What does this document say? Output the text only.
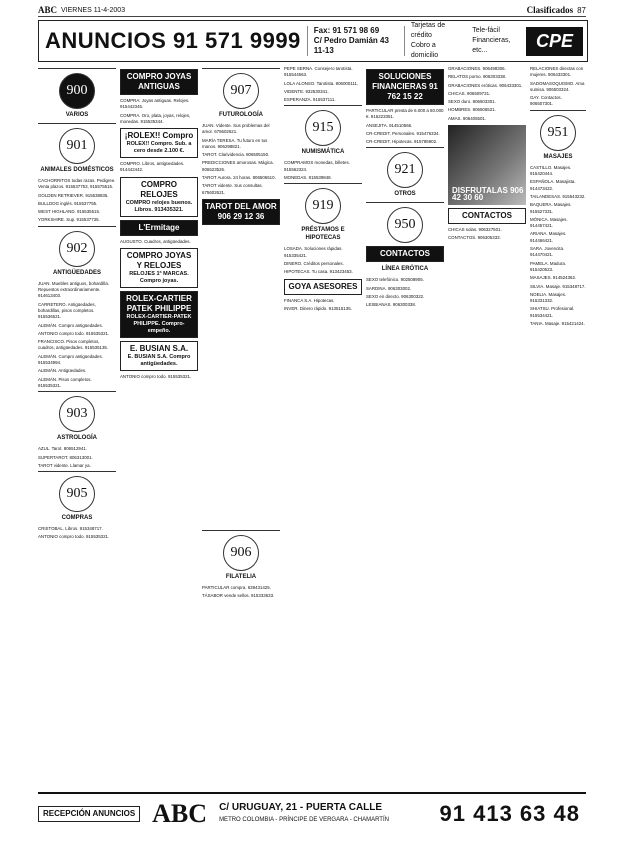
ABC VIERNES 11-4-2003	Clasificados 87
ANUNCIOS 91 571 9999 Fax: 91 571 98 69
C/ Pedro Damián 43 11-13
Tarjetas de crédito
Cobro a domicilio
Tele-fácil
Financieras, etc...	CPE
900
VARIOS
901
ANIMALES DOMÉSTICOS

CACHORRITOS todas razas. Pedigree. Venta plazos. 915537753, 915575515.

GOLDEN RETRIEVER. 915538835.

BULLDOG inglés. 915537755.

WEST HIGHLAND. 915535515.

YORKSHIRE. Sup. 915537735.

902
ANTIGÜEDADES

JUAN. Muebles antiguos, bohardilla. Repuestos extraordinariamente. 914613403.

CARRETERO. Antigüedades, bohardillas, pisos completos. 915536521.

ALEMÁN. Compro antigüedades.

ANTONIO compro todo. 915535321.

FRANCISCO. Pisos completos, cuadros, antigüedades. 915535135.

ALEMÁN. Compro antigüedades. 915534994.

ALEMÁN. Antigüedades.

ALEMÁN. Pisos completos. 915535321.

903
ASTROLOGÍA

AZUL. Tarot. 806512941.

SUPERTAROT. 806313001.

TAROT vidente. Llamar ya.

905
COMPRAS

CRISTOBAL. Libros. 915348717.

ANTONIO compro todo. 915535321.

COMPRO JOYAS ANTIGUAS

COMPRA: Joyas antiguas. Relojes. 915442345.

COMPRA. Oro, plata, joyas, relojes, monedas. 915535344.

¡ROLEX!! Compro
ROLEX!! Compro. Sub. a cero desde 2.100 €.

COMPRO. Libros, antigüedades. 914442442.

COMPRO RELOJES
COMPRO relojes buenos. Libros. 913435321.
L'Ermitage

AUGUSTO. Cuadros, antigüedades.

COMPRO JOYAS Y RELOJES
RELOJES 1ª MARCAS. Compro joyas.
ROLEX-CARTIER PATEK PHILIPPE
ROLEX-CARTIER-PATEK PHILIPPE. Compro-empeño.
E. BUSIAN S.A.
E. BUSIAN S.A. Compro antigüedades.

ANTONIO compro todo. 915535321.

907
FUTUROLOGÍA

JUAN. Vidente. Sus problemas del amor. 675602621.

MARÍA TERESA. Tu futuro en tus manos. 906298821.

TAROT. Clarividencia. 806505150.

PREDICCIONES amorosas. Mágica. 806523526.

TAROT Aurora. 24 horas. 806506510.

TAROT vidente. Sus consultas. 675602621.

TAROT DEL AMOR 906 29 12 36
906
FILATELIA

PARTICULAR compra. 639431425.

TÁSABOR vende sellos. 915333633.

PEPE SERNA. Consejero tarotista. 915544563.

LOLA ALONSO. Tarotista. 806000111.

VIDENTE. 932530341.

ESPERANZA. 915537111.

915
NUMISMÁTICA

COMPRAMOS monedas, billetes. 915562324.

MONEDAS. 915539848.

919
PRÉSTAMOS E HIPOTECAS

LOSADA. Soluciones rápidas. 915335421.

DINERO. Créditos personales.

HIPOTECAS. Tu casa. 913423453.

GOYA ASESORES

FINANCA S.A. Hipotecas.

INVER. Dinero rápido. 913515135.

SOLUCIONES FINANCIERAS 91 762 15 22

PARTICULAR presta de 6.000 a 60.000 €. 916223351.

ANSEJITA. 914510566.

CR-CREDIT. Personales. 915476334.

CR-CREDIT. Hipotecas. 915785902.

921
OTROS
950
CONTACTOS
LÍNEA ERÓTICA

SEXO telefónico. 902508905.

SARDINA. 906303002.

SEXO en directo. 906300322.

LESBIANAS. 906300338.

GRABACIONES. 906498306.

RELATOS porno. 906303338.

GRABACIONES eróticas. 906433301.

CHICAS. 906509731.

SEXO duro. 806503301.

HOMBRES. 806506521.

AMAS. 906405501.

DISFRUTALAS 906 42 30 60
CONTACTOS

CHICAS solas. 906327501.

CONTACTOS. 906305333.

RELACIONES directas con mujeres. 906433301.

SADOMASOQUISMO. Ama sumisa. 906503324.

GAY. Contactos. 906507301.

951
MASAJES

CASTILLO. Masajes. 915420444.

ESPAÑOLA. Masajista. 914473422.

TAILANDESAS. 915543232.

BAQUERA. Masajes. 915527331.

MÓNICA. Masajes. 914457421.

ARIANA. Masajes. 914466421.

SARA. Jovencita. 914470421.

PAMELA. Madura. 915420523.

MASAJES. 914524362.

SILVIA. Masaje. 915348717.

NOELIA. Masajes. 915331332.

SHIATSU. Profesional. 915534421.

TANIA. Masaje. 915421424.

RECEPCIÓN ANUNCIOS ABC C/ URUGUAY, 21 - PUERTA CALLE
METRO COLOMBIA - PRÍNCIPE DE VERGARA - CHAMARTÍN 91 413 63 48
